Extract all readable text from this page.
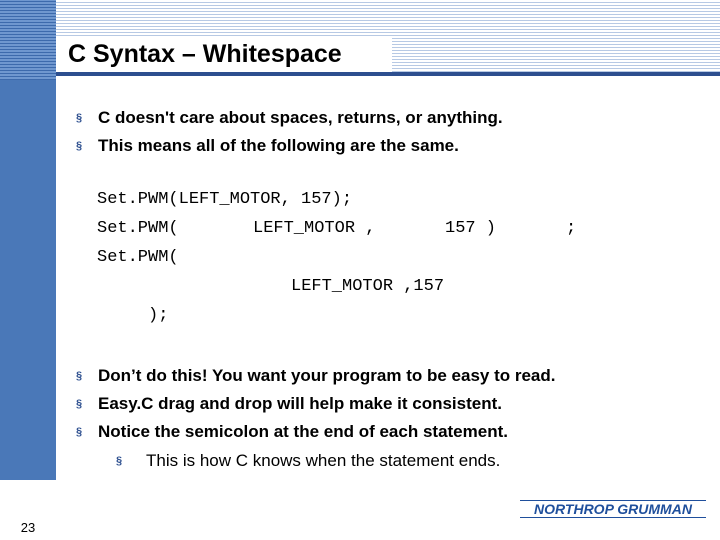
23
C Syntax – Whitespace
§ C doesn't care about spaces, returns, or anything.
§ This means all of the following are the same.
Set.PWM(LEFT_MOTOR, 157);
Set.PWM(	LEFT_MOTOR ,	157 )	;
Set.PWM(
LEFT_MOTOR ,157
);
§ Don’t do this! You want your program to be easy to read.
§ Easy.C drag and drop will help make it consistent.
§ Notice the semicolon at the end of each statement.
§ This is how C knows when the statement ends.
NORTHROP GRUMMAN
